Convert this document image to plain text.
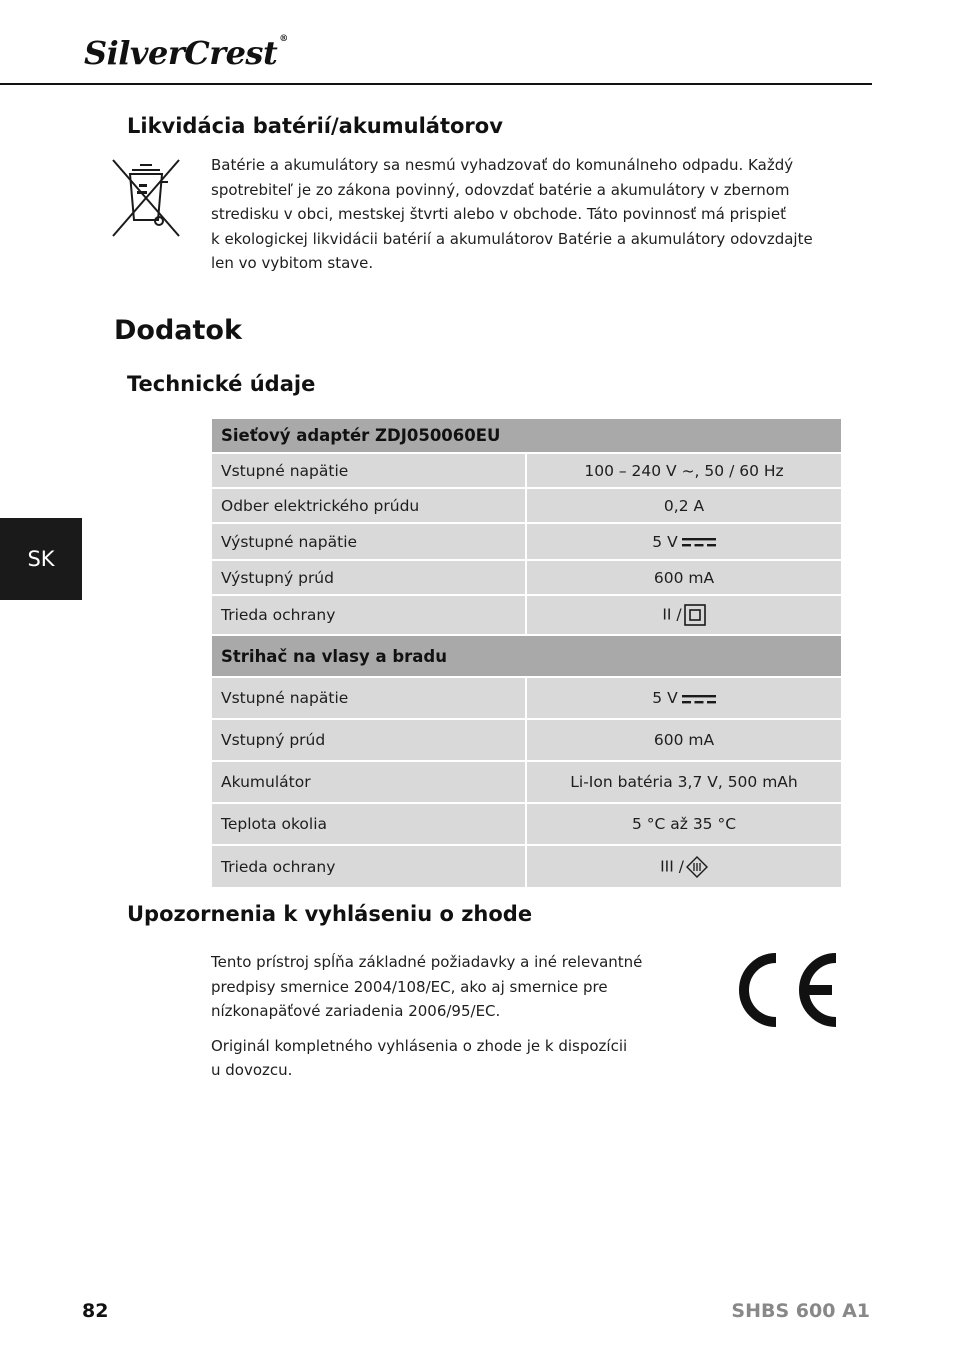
SilverCrest ®
SK
Likvidácia batérií/akumulátorov
Batérie a akumulátory sa nesmú vyhadzovať do komunálneho odpadu. Každý
spotrebiteľ je zo zákona povinný, odovzdať batérie a akumulátory v zbernom
stredisku v obci, mestskej štvrti alebo v obchode. Táto povinnosť má prispieť
k ekologickej likvidácii batérií a akumulátorov Batérie a akumulátory odovzdajte
len vo vybitom stave.
Dodatok
Technické údaje
Sieťový adaptér ZDJ050060EU	
Vstupné napätie	100 – 240 V ~, 50 / 60 Hz
Odber elektrického prúdu	0,2 A
Výstupné napätie	5 V
Výstupný prúd	600 mA
Trieda ochrany	II /
Strihač na vlasy a bradu	
Vstupné napätie	5 V
Vstupný prúd	600 mA
Akumulátor	Li-Ion batéria 3,7 V, 500 mAh
Teplota okolia	5 °C až 35 °C
Trieda ochrany	III /
Upozornenia k vyhláseniu o zhode
Tento prístroj spĺňa základné požiadavky a iné relevantné
predpisy smernice 2004/108/EC, ako aj smernice pre
nízkonapäťové zariadenia 2006/95/EC.
Originál kompletného vyhlásenia o zhode je k dispozícii
u dovozcu.
82	SHBS 600 A1
